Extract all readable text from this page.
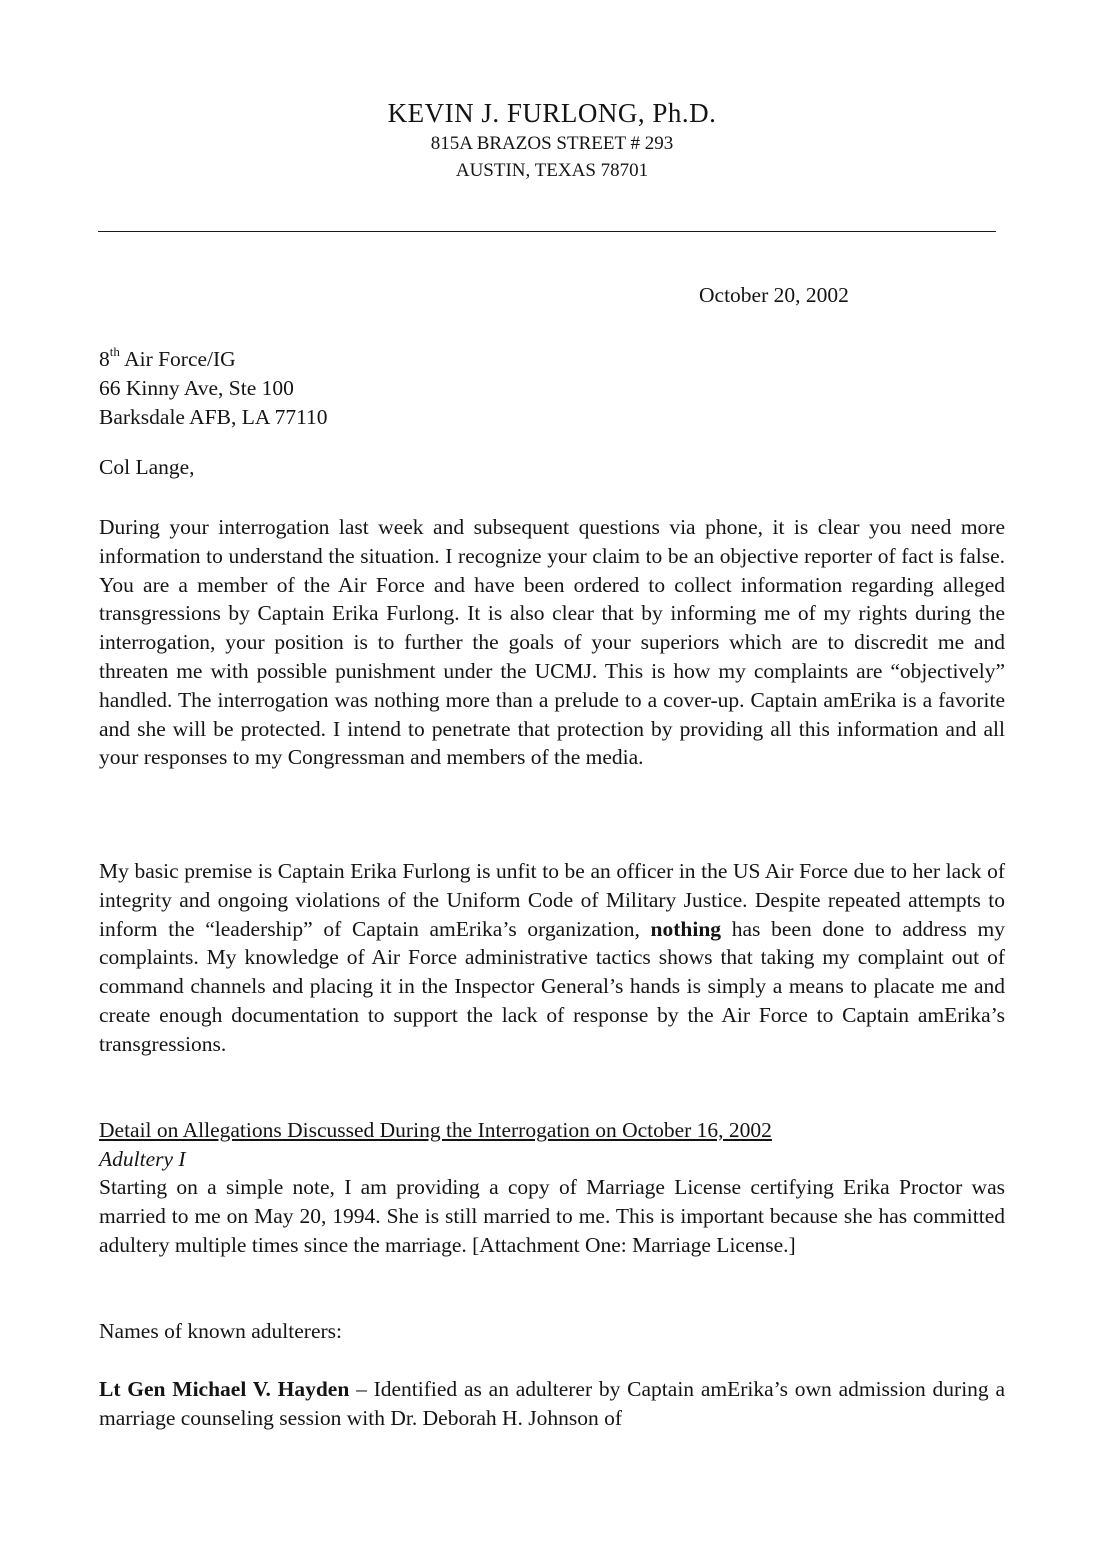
KEVIN J. FURLONG, Ph.D.
815A BRAZOS STREET # 293
AUSTIN, TEXAS 78701
October 20, 2002
8th Air Force/IG
66 Kinny Ave, Ste 100
Barksdale AFB, LA 77110
Col Lange,

During your interrogation last week and subsequent questions via phone, it is clear you need more information to understand the situation. I recognize your claim to be an objective reporter of fact is false. You are a member of the Air Force and have been ordered to collect information regarding alleged transgressions by Captain Erika Furlong. It is also clear that by informing me of my rights during the interrogation, your position is to further the goals of your superiors which are to discredit me and threaten me with possible punishment under the UCMJ. This is how my complaints are “objectively” handled. The interrogation was nothing more than a prelude to a cover-up. Captain amErika is a favorite and she will be protected. I intend to penetrate that protection by providing all this information and all your responses to my Congressman and members of the media.

My basic premise is Captain Erika Furlong is unfit to be an officer in the US Air Force due to her lack of integrity and ongoing violations of the Uniform Code of Military Justice. Despite repeated attempts to inform the “leadership” of Captain amErika’s organization, nothing has been done to address my complaints. My knowledge of Air Force administrative tactics shows that taking my complaint out of command channels and placing it in the Inspector General’s hands is simply a means to placate me and create enough documentation to support the lack of response by the Air Force to Captain amErika’s transgressions.

Detail on Allegations Discussed During the Interrogation on October 16, 2002
Adultery I

Starting on a simple note, I am providing a copy of Marriage License certifying Erika Proctor was married to me on May 20, 1994. She is still married to me. This is important because she has committed adultery multiple times since the marriage. [Attachment One: Marriage License.]

Names of known adulterers:

Lt Gen Michael V. Hayden – Identified as an adulterer by Captain amErika’s own admission during a marriage counseling session with Dr. Deborah H. Johnson of
